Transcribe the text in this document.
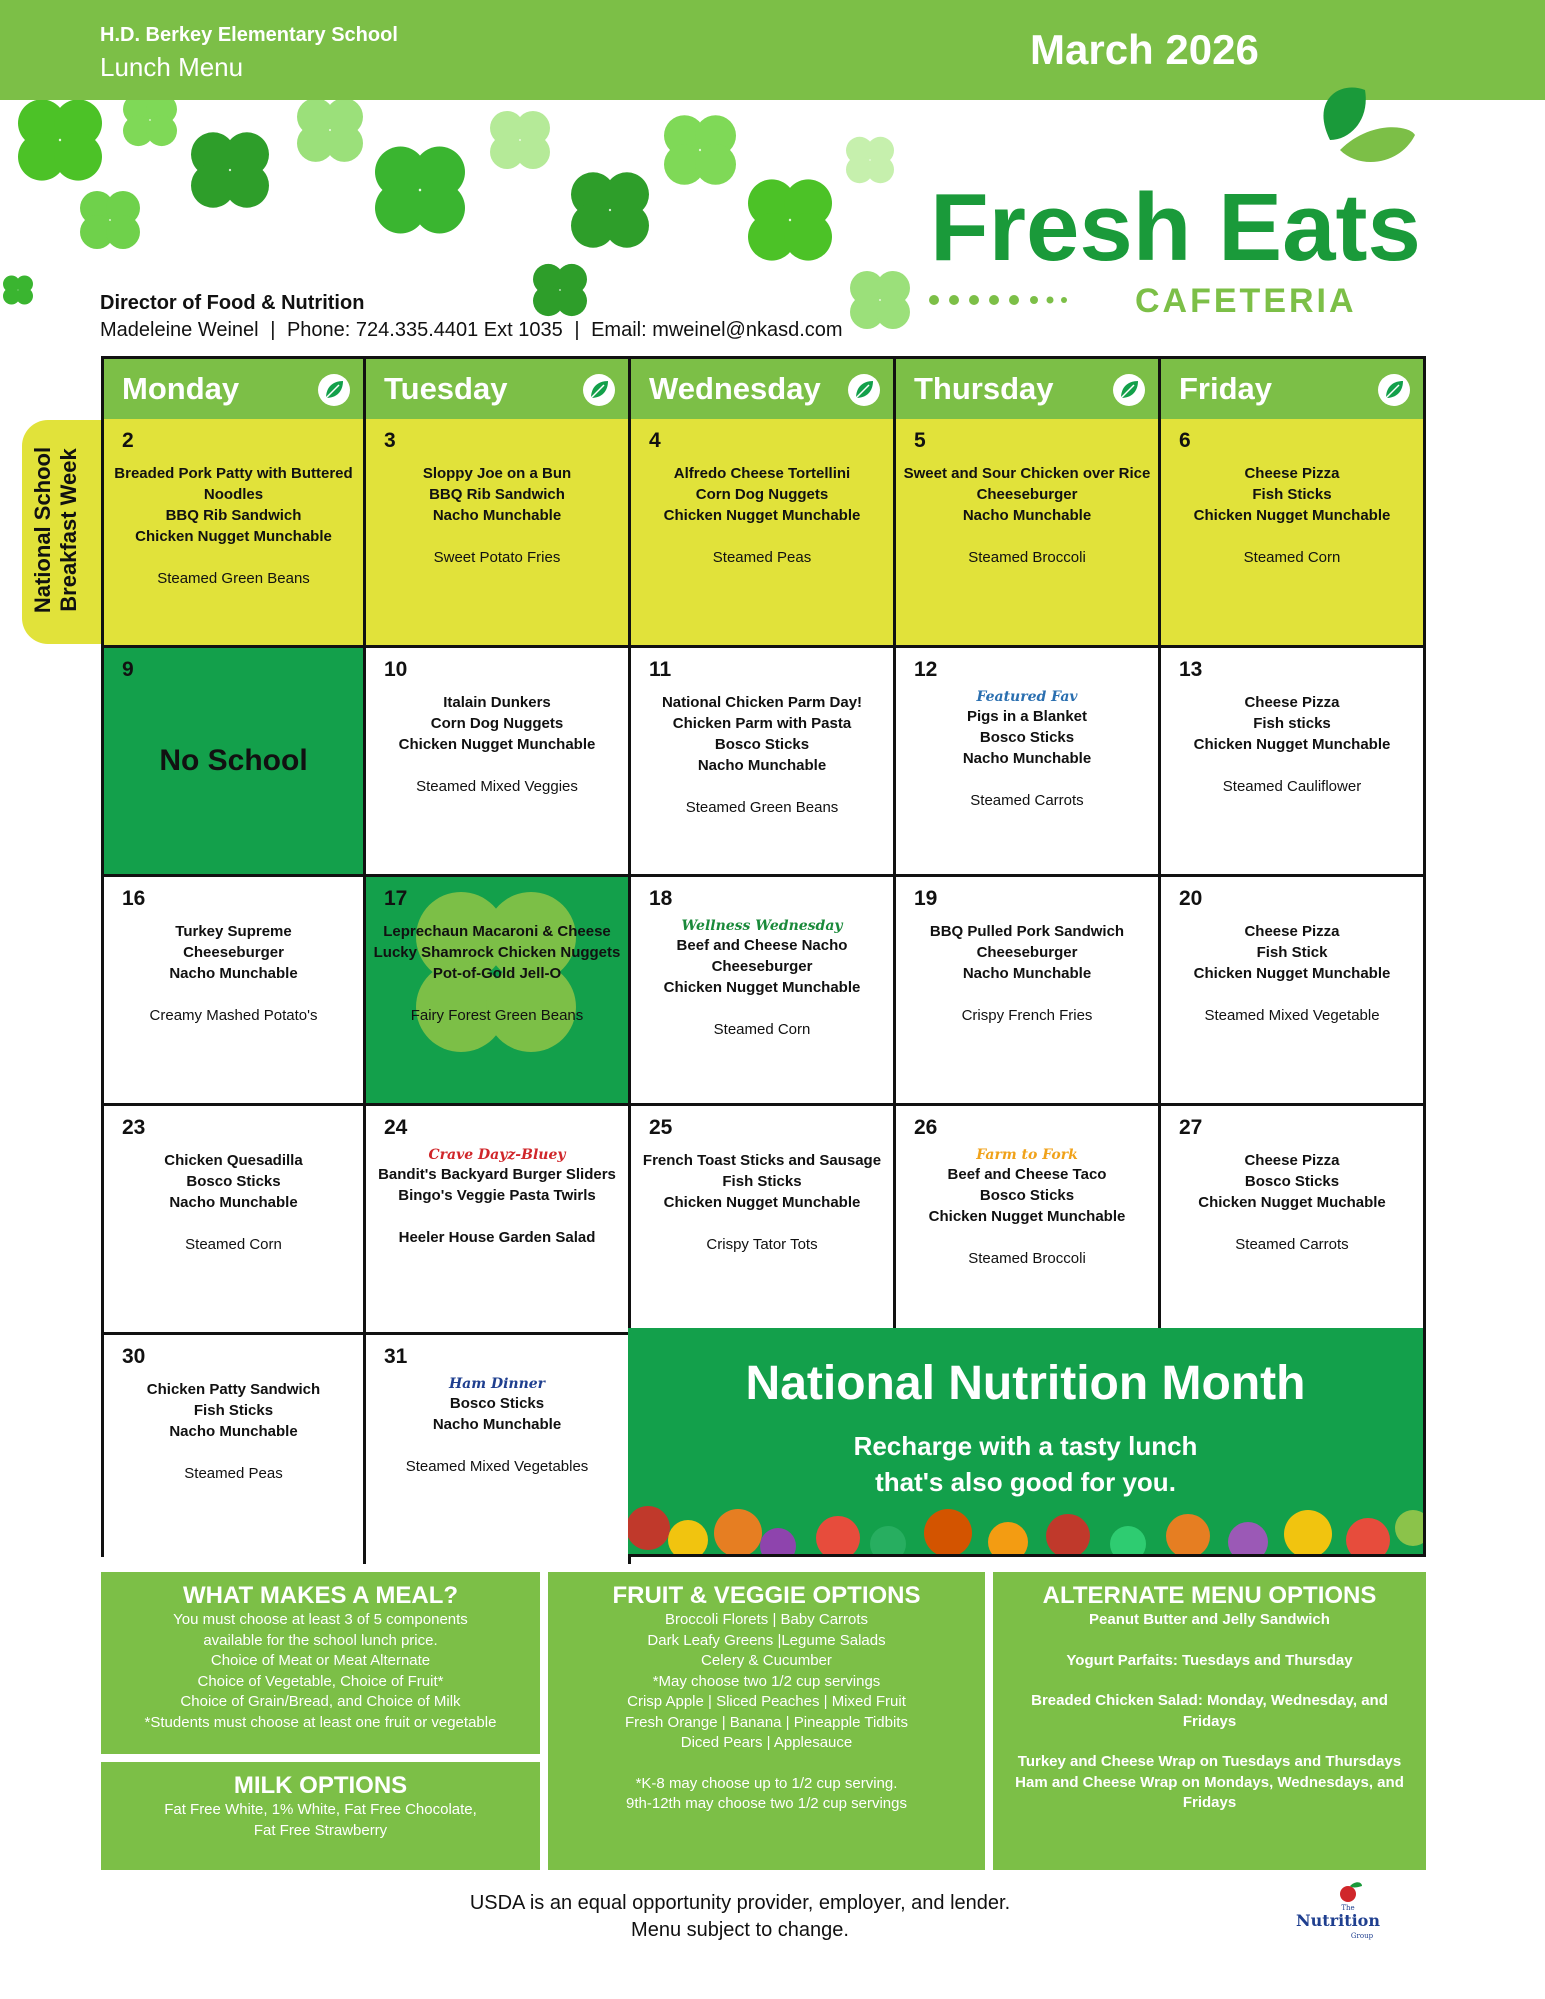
H.D. Berkey Elementary School
Lunch Menu	March 2026
Fresh Eats
CAFETERIA
Director of Food & Nutrition
Madeleine Weinel | Phone: 724.335.4401 Ext 1035 | Email: mweinel@nkasd.com
National School Breakfast Week
Monday	Tuesday	Wednesday	Thursday	Friday
2
Breaded Pork Patty with Buttered Noodles
BBQ Rib Sandwich
Chicken Nugget Munchable
Steamed Green Beans
3
Sloppy Joe on a Bun
BBQ Rib Sandwich
Nacho Munchable
Sweet Potato Fries
4
Alfredo Cheese Tortellini
Corn Dog Nuggets
Chicken Nugget Munchable
Steamed Peas
5
Sweet and Sour Chicken over Rice
Cheeseburger
Nacho Munchable
Steamed Broccoli
6
Cheese Pizza
Fish Sticks
Chicken Nugget Munchable
Steamed Corn
9
No School
10
Italain Dunkers
Corn Dog Nuggets
Chicken Nugget Munchable
Steamed Mixed Veggies
11
National Chicken Parm Day!
Chicken Parm with Pasta
Bosco Sticks
Nacho Munchable
Steamed Green Beans
12
Featured Fav
Pigs in a Blanket
Bosco Sticks
Nacho Munchable
Steamed Carrots
13
Cheese Pizza
Fish sticks
Chicken Nugget Munchable
Steamed Cauliflower
16
Turkey Supreme
Cheeseburger
Nacho Munchable
Creamy Mashed Potato's
17
Leprechaun Macaroni & Cheese
Lucky Shamrock Chicken Nuggets
Pot-of-Gold Jell-O
Fairy Forest Green Beans
18
Wellness Wednesday
Beef and Cheese Nacho
Cheeseburger
Chicken Nugget Munchable
Steamed Corn
19
BBQ Pulled Pork Sandwich
Cheeseburger
Nacho Munchable
Crispy French Fries
20
Cheese Pizza
Fish Stick
Chicken Nugget Munchable
Steamed Mixed Vegetable
23
Chicken Quesadilla
Bosco Sticks
Nacho Munchable
Steamed Corn
24
Crave Dayz-Bluey
Bandit's Backyard Burger Sliders
Bingo's Veggie Pasta Twirls
Heeler House Garden Salad
25
French Toast Sticks and Sausage
Fish Sticks
Chicken Nugget Munchable
Crispy Tator Tots
26
Farm to Fork
Beef and Cheese Taco
Bosco Sticks
Chicken Nugget Munchable
Steamed Broccoli
27
Cheese Pizza
Bosco Sticks
Chicken Nugget Muchable
Steamed Carrots
30
Chicken Patty Sandwich
Fish Sticks
Nacho Munchable
Steamed Peas
31
Ham Dinner
Bosco Sticks
Nacho Munchable
Steamed Mixed Vegetables
National Nutrition Month
Recharge with a tasty lunch
that's also good for you.
WHAT MAKES A MEAL?

You must choose at least 3 of 5 components

available for the school lunch price.

Choice of Meat or Meat Alternate

Choice of Vegetable, Choice of Fruit*

Choice of Grain/Bread, and Choice of Milk

*Students must choose at least one fruit or vegetable

MILK OPTIONS

Fat Free White, 1% White, Fat Free Chocolate,

Fat Free Strawberry

FRUIT & VEGGIE OPTIONS

Broccoli Florets | Baby Carrots

Dark Leafy Greens |Legume Salads

Celery & Cucumber

*May choose two 1/2 cup servings

Crisp Apple | Sliced Peaches | Mixed Fruit

Fresh Orange | Banana | Pineapple Tidbits

Diced Pears | Applesauce

*K-8 may choose up to 1/2 cup serving.

9th-12th may choose two 1/2 cup servings

ALTERNATE MENU OPTIONS

Peanut Butter and Jelly Sandwich

Yogurt Parfaits: Tuesdays and Thursday

Breaded Chicken Salad: Monday, Wednesday, and Fridays

Turkey and Cheese Wrap on Tuesdays and Thursdays

Ham and Cheese Wrap on Mondays, Wednesdays, and Fridays

USDA is an equal opportunity provider, employer, and lender.
Menu subject to change.
The
Nutrition
Group
